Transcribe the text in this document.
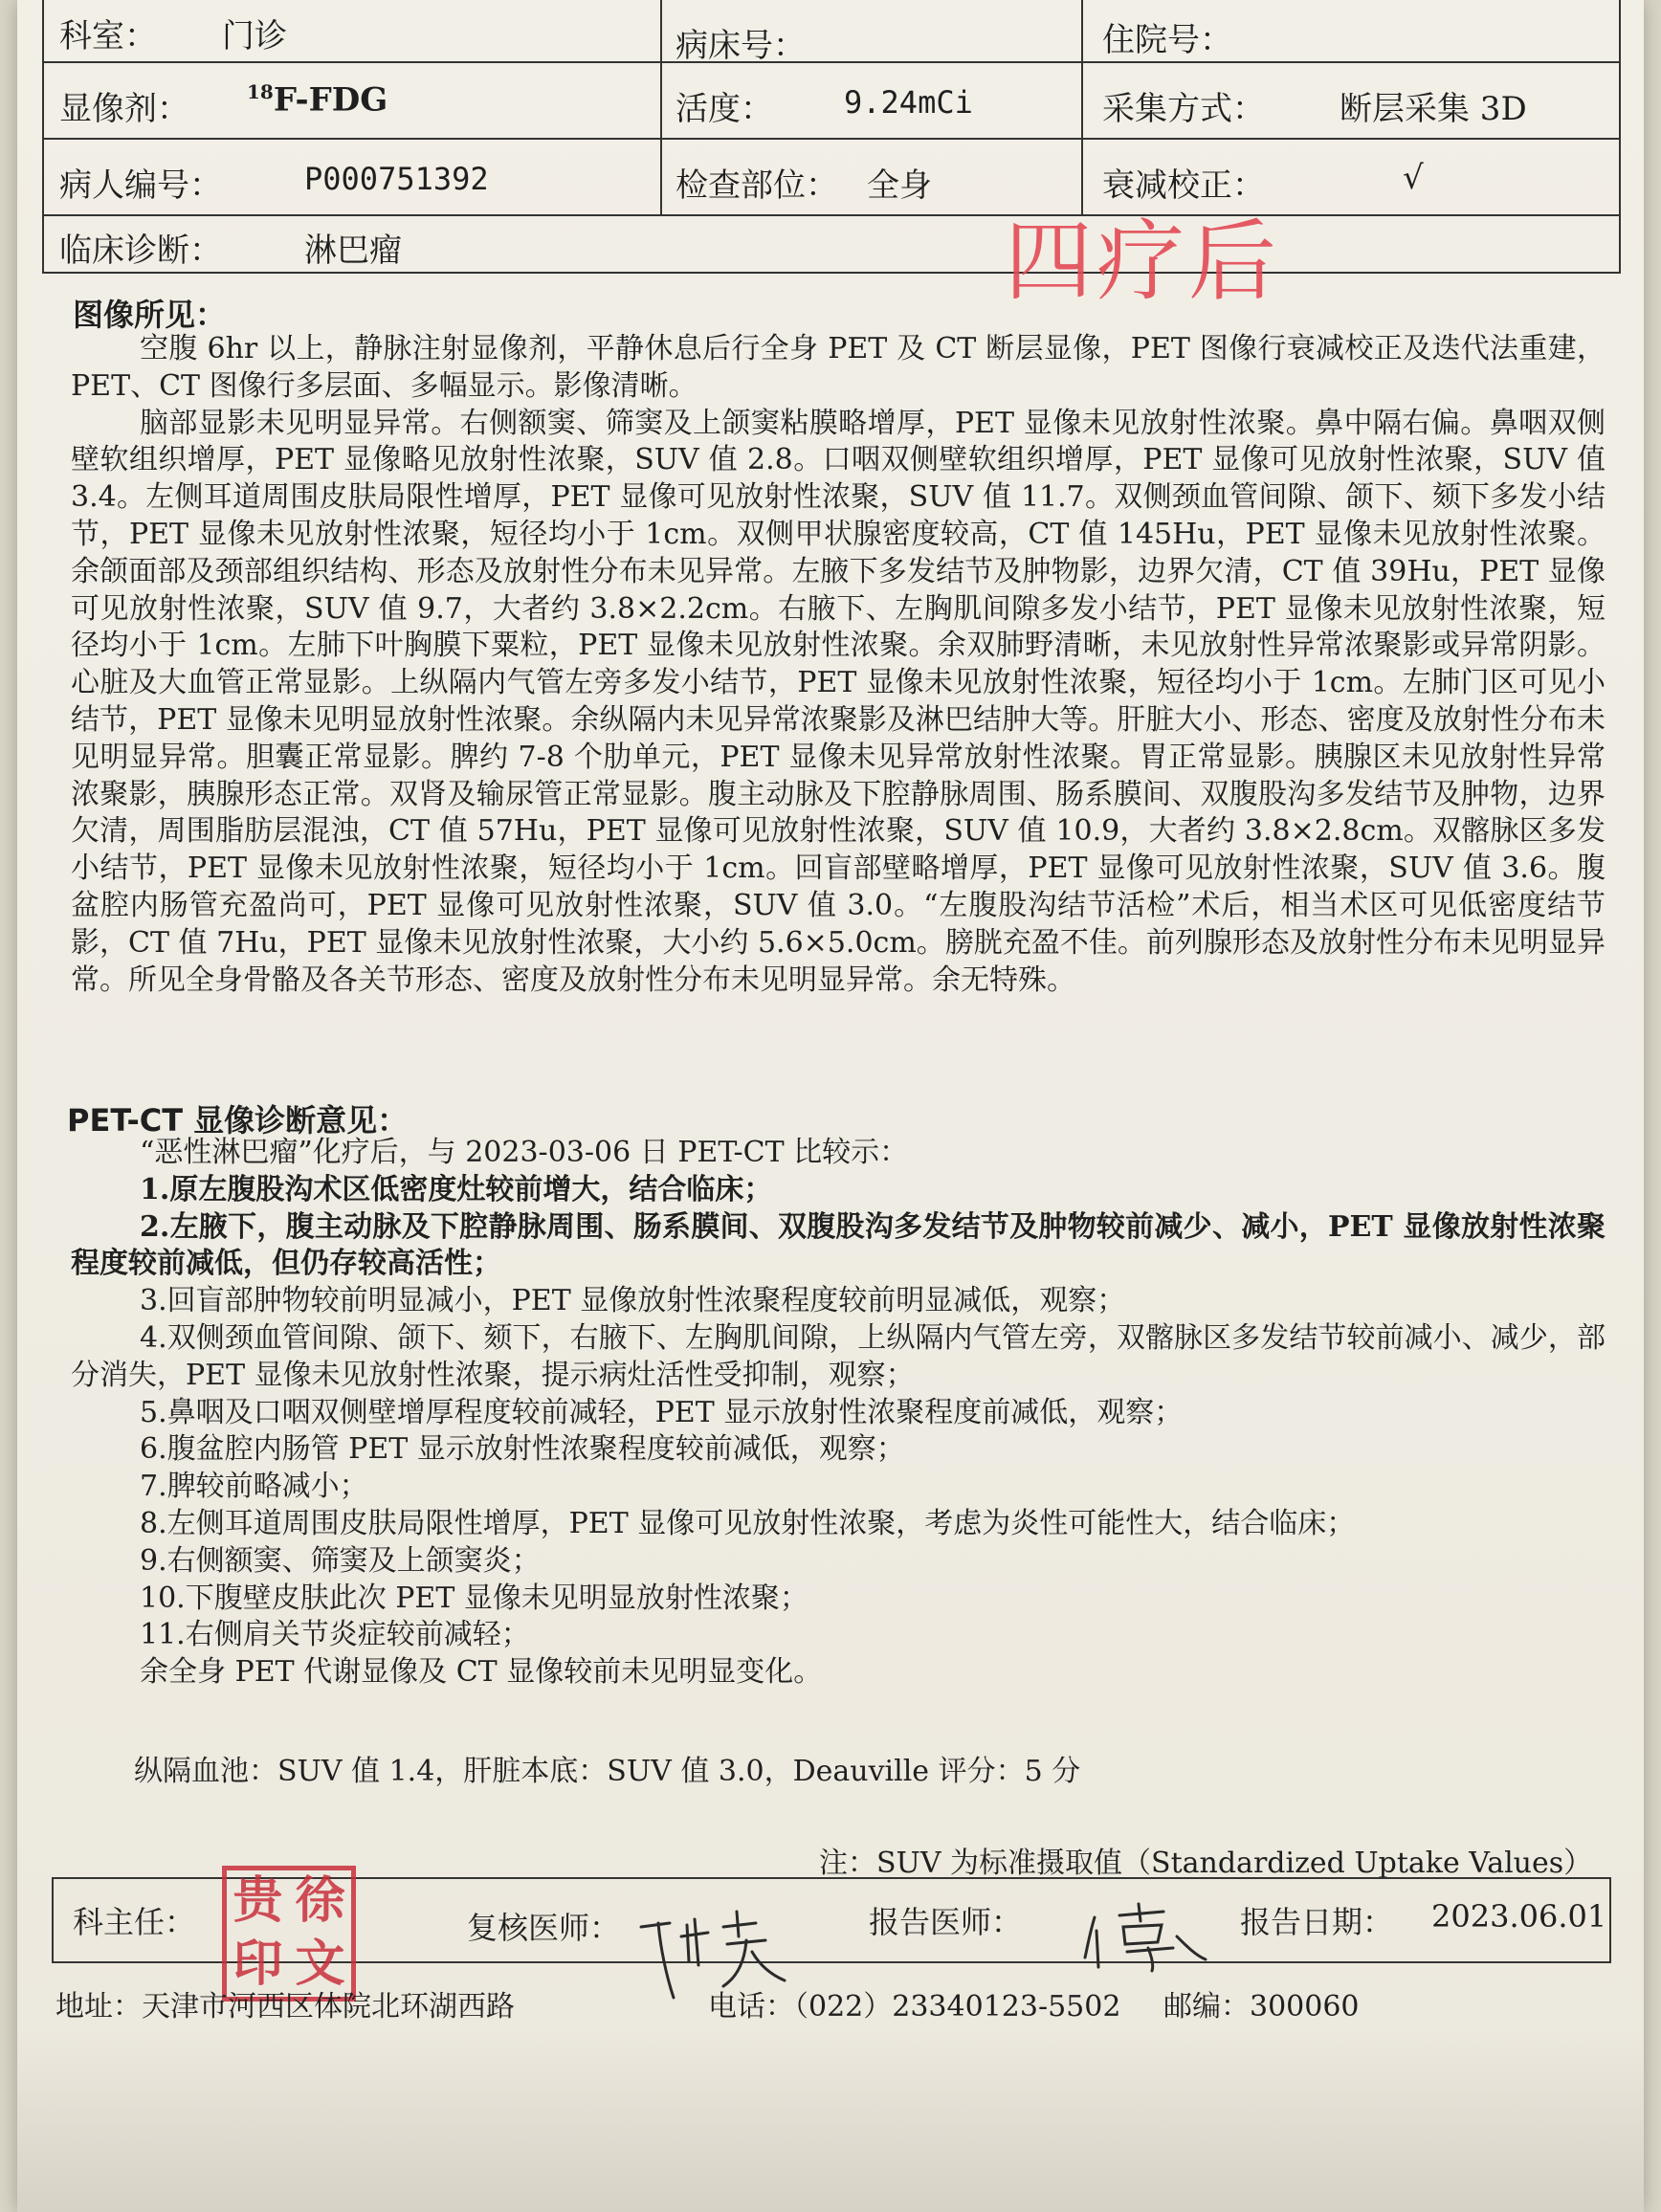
科室： 门诊	病床号：	住院号：
显像剂：	$^{18}$F-FDG	活度： 9.24mCi	采集方式： 断层采集 3D
病人编号：	P000751392	检查部位： 全身	衰减校正：	√
临床诊断：	淋巴瘤	四疗后
图像所见：

空腹 6hr 以上，静脉注射显像剂，平静休息后行全身 PET 及 CT 断层显像，PET 图像行衰减校正及迭代法重建，PET、CT 图像行多层面、多幅显示。影像清晰。

脑部显影未见明显异常。右侧额窦、筛窦及上颌窦粘膜略增厚，PET 显像未见放射性浓聚。鼻中隔右偏。鼻咽双侧壁软组织增厚，PET 显像略见放射性浓聚，SUV 值 2.8。口咽双侧壁软组织增厚，PET 显像可见放射性浓聚，SUV 值 3.4。左侧耳道周围皮肤局限性增厚，PET 显像可见放射性浓聚，SUV 值 11.7。双侧颈血管间隙、颌下、颏下多发小结节，PET 显像未见放射性浓聚，短径均小于 1cm。双侧甲状腺密度较高，CT 值 145Hu，PET 显像未见放射性浓聚。余颌面部及颈部组织结构、形态及放射性分布未见异常。左腋下多发结节及肿物影，边界欠清，CT 值 39Hu，PET 显像可见放射性浓聚，SUV 值 9.7，大者约 3.8×2.2cm。右腋下、左胸肌间隙多发小结节，PET 显像未见放射性浓聚，短径均小于 1cm。左肺下叶胸膜下粟粒，PET 显像未见放射性浓聚。余双肺野清晰，未见放射性异常浓聚影或异常阴影。心脏及大血管正常显影。上纵隔内气管左旁多发小结节，PET 显像未见放射性浓聚，短径均小于 1cm。左肺门区可见小结节，PET 显像未见明显放射性浓聚。余纵隔内未见异常浓聚影及淋巴结肿大等。肝脏大小、形态、密度及放射性分布未见明显异常。胆囊正常显影。脾约 7-8 个肋单元，PET 显像未见异常放射性浓聚。胃正常显影。胰腺区未见放射性异常浓聚影，胰腺形态正常。双肾及输尿管正常显影。腹主动脉及下腔静脉周围、肠系膜间、双腹股沟多发结节及肿物，边界欠清，周围脂肪层混浊，CT 值 57Hu，PET 显像可见放射性浓聚，SUV 值 10.9，大者约 3.8×2.8cm。双髂脉区多发小结节，PET 显像未见放射性浓聚，短径均小于 1cm。回盲部壁略增厚，PET 显像可见放射性浓聚，SUV 值 3.6。腹盆腔内肠管充盈尚可，PET 显像可见放射性浓聚，SUV 值 3.0。“左腹股沟结节活检”术后，相当术区可见低密度结节影，CT 值 7Hu，PET 显像未见放射性浓聚，大小约 5.6×5.0cm。膀胱充盈不佳。前列腺形态及放射性分布未见明显异常。所见全身骨骼及各关节形态、密度及放射性分布未见明显异常。余无特殊。

PET-CT 显像诊断意见：

“恶性淋巴瘤”化疗后，与 2023-03-06 日 PET-CT 比较示：

1.原左腹股沟术区低密度灶较前增大，结合临床；

2.左腋下，腹主动脉及下腔静脉周围、肠系膜间、双腹股沟多发结节及肿物较前减少、减小，PET 显像放射性浓聚程度较前减低，但仍存较高活性；

3.回盲部肿物较前明显减小，PET 显像放射性浓聚程度较前明显减低，观察；

4.双侧颈血管间隙、颌下、颏下，右腋下、左胸肌间隙，上纵隔内气管左旁，双髂脉区多发结节较前减小、减少，部分消失，PET 显像未见放射性浓聚，提示病灶活性受抑制，观察；

5.鼻咽及口咽双侧壁增厚程度较前减轻，PET 显示放射性浓聚程度前减低，观察；

6.腹盆腔内肠管 PET 显示放射性浓聚程度较前减低，观察；

7.脾较前略减小；

8.左侧耳道周围皮肤局限性增厚，PET 显像可见放射性浓聚，考虑为炎性可能性大，结合临床；

9.右侧额窦、筛窦及上颌窦炎；

10.下腹壁皮肤此次 PET 显像未见明显放射性浓聚；

11.右侧肩关节炎症较前减轻；

余全身 PET 代谢显像及 CT 显像较前未见明显变化。

纵隔血池：SUV 值 1.4，肝脏本底：SUV 值 3.0，Deauville 评分：5 分
注：SUV 为标准摄取值（Standardized Uptake Values）
科主任：	复核医师：	报告医师：	报告日期： 2023.06.01
贵 徐
印 文
地址：天津市河西区体院北环湖西路	电话：（022）23340123-5502 邮编：300060
